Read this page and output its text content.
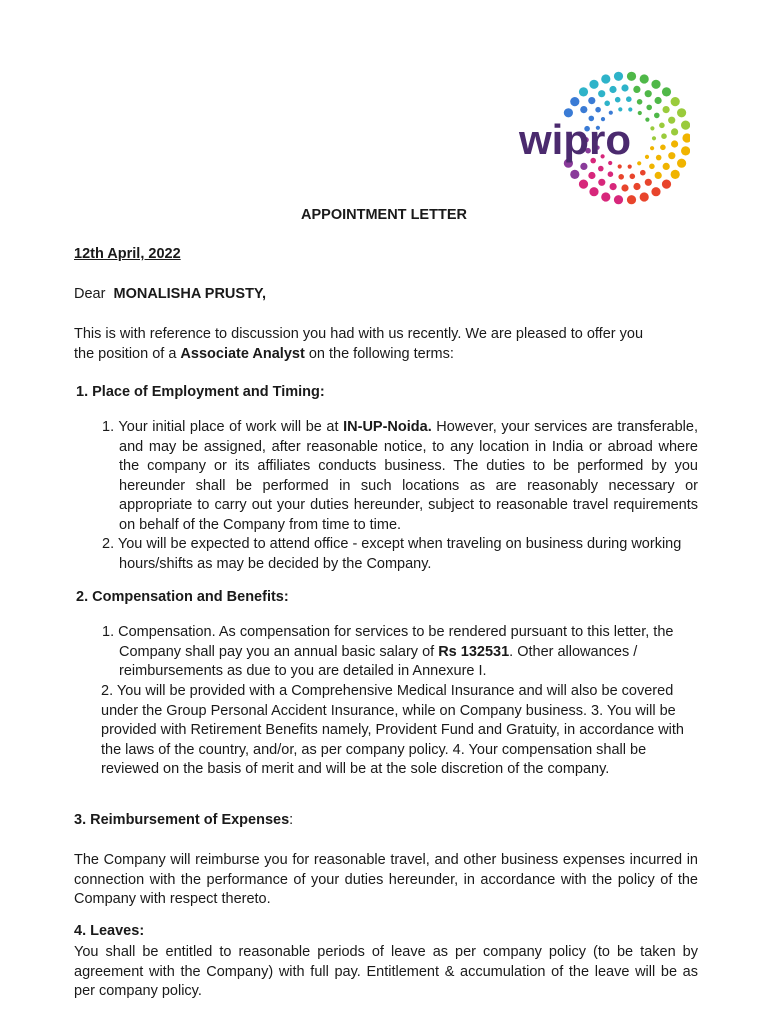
wipro
APPOINTMENT LETTER
12th April, 2022
Dear MONALISHA PRUSTY,
This is with reference to discussion you had with us recently. We are pleased to offer you
the position of a Associate Analyst on the following terms:
1. Place of Employment and Timing:
1. Your initial place of work will be at IN-UP-Noida. However, your services are transferable, and may be assigned, after reasonable notice, to any location in India or abroad where the company or its affiliates conducts business. The duties to be performed by you hereunder shall be performed in such locations as are reasonably necessary or appropriate to carry out your duties hereunder, subject to reasonable travel requirements on behalf of the Company from time to time.
2. You will be expected to attend office - except when traveling on business during working hours/shifts as may be decided by the Company.
2. Compensation and Benefits:
1. Compensation. As compensation for services to be rendered pursuant to this letter, the Company shall pay you an annual basic salary of Rs 132531. Other allowances / reimbursements as due to you are detailed in Annexure I.
2. You will be provided with a Comprehensive Medical Insurance and will also be covered under the Group Personal Accident Insurance, while on Company business. 3. You will be provided with Retirement Benefits namely, Provident Fund and Gratuity, in accordance with the laws of the country, and/or, as per company policy. 4. Your compensation shall be reviewed on the basis of merit and will be at the sole discretion of the company.
3. Reimbursement of Expenses:
The Company will reimburse you for reasonable travel, and other business expenses incurred in connection with the performance of your duties hereunder, in accordance with the policy of the Company with respect thereto.
4. Leaves:
You shall be entitled to reasonable periods of leave as per company policy (to be taken by agreement with the Company) with full pay. Entitlement & accumulation of the leave will be as per company policy.
